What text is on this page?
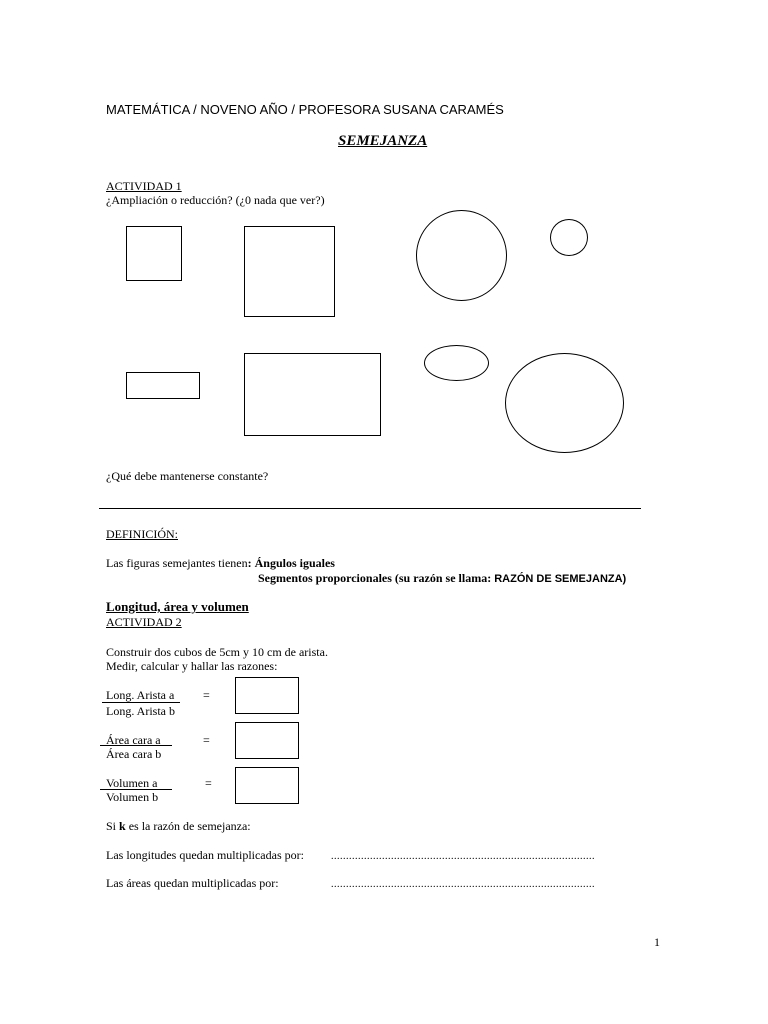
MATEMÁTICA / NOVENO AÑO / PROFESORA SUSANA CARAMÉS
SEMEJANZA
ACTIVIDAD 1
¿Ampliación o reducción? (¿0 nada que ver?)
¿Qué debe mantenerse constante?
DEFINICIÓN:
Las figuras semejantes tienen: Ángulos iguales
Segmentos proporcionales (su razón se llama: RAZÓN DE SEMEJANZA)
Longitud, área y volumen
ACTIVIDAD 2
Construir dos cubos de 5cm y 10 cm de arista.
Medir, calcular y hallar las razones:
Long. Arista a
Long. Arista b
=
Área cara a
Área cara b
=
Volumen a
Volumen b
=
Si k es la razón de semejanza:
Las longitudes quedan multiplicadas por:	........................................................................................
Las áreas quedan multiplicadas por:	........................................................................................
1
